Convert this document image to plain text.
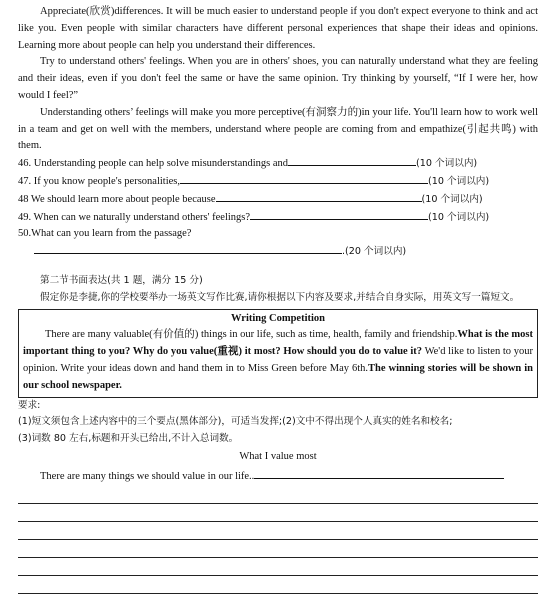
Appreciate(欣赏)differences. It will be much easier to understand people if you don't expect everyone to think and act like you. Even people with similar characters have different personal experiences that shape their ideas and opinions. Learning more about people can help you understand their differences.

Try to understand others' feelings. When you are in others' shoes, you can naturally understand what they are feeling and their ideas, even if you don't feel the same or have the same opinion. Try thinking by yourself, “If I were her, how would I feel?”

Understanding others’ feelings will make you more perceptive(有洞察力的)in your life. You'll learn how to work well in a team and get on well with the members, understand where people are coming from and empathize(引起共鸣) with them.

46. Understanding people can help solve misunderstandings and	(10 个词以内)
47. If you know people's personalities,	(10 个词以内)
48 We should learn more about people because	(10 个词以内)
49. When can we naturally understand others' feelings?	(10 个词以内)
50.What can you learn from the passage?
.(20 个词以内)

第二节书面表达(共 1 题，满分 15 分)

假定你是李捷,你的学校要举办一场英文写作比赛,请你根据以下内容及要求,并结合自身实际，用英文写一篇短文。

Writing Competition

There are many valuable(有价值的) things in our life, such as time, health, family and friendship.What is the most important thing to you? Why do you value(重视) it most? How should you do to value it? We'd like to listen to your opinion. Write your ideas down and hand them in to Miss Green before May 6th.The winning stories will be shown in our school newspaper.

要求:

(1)短文须包含上述内容中的三个要点(黑体部分)，可适当发挥;(2)文中不得出现个人真实的姓名和校名;

(3)词数 80 左右,标题和开头已给出,不计入总词数。

What I value most
There are many things we should value in our life..
